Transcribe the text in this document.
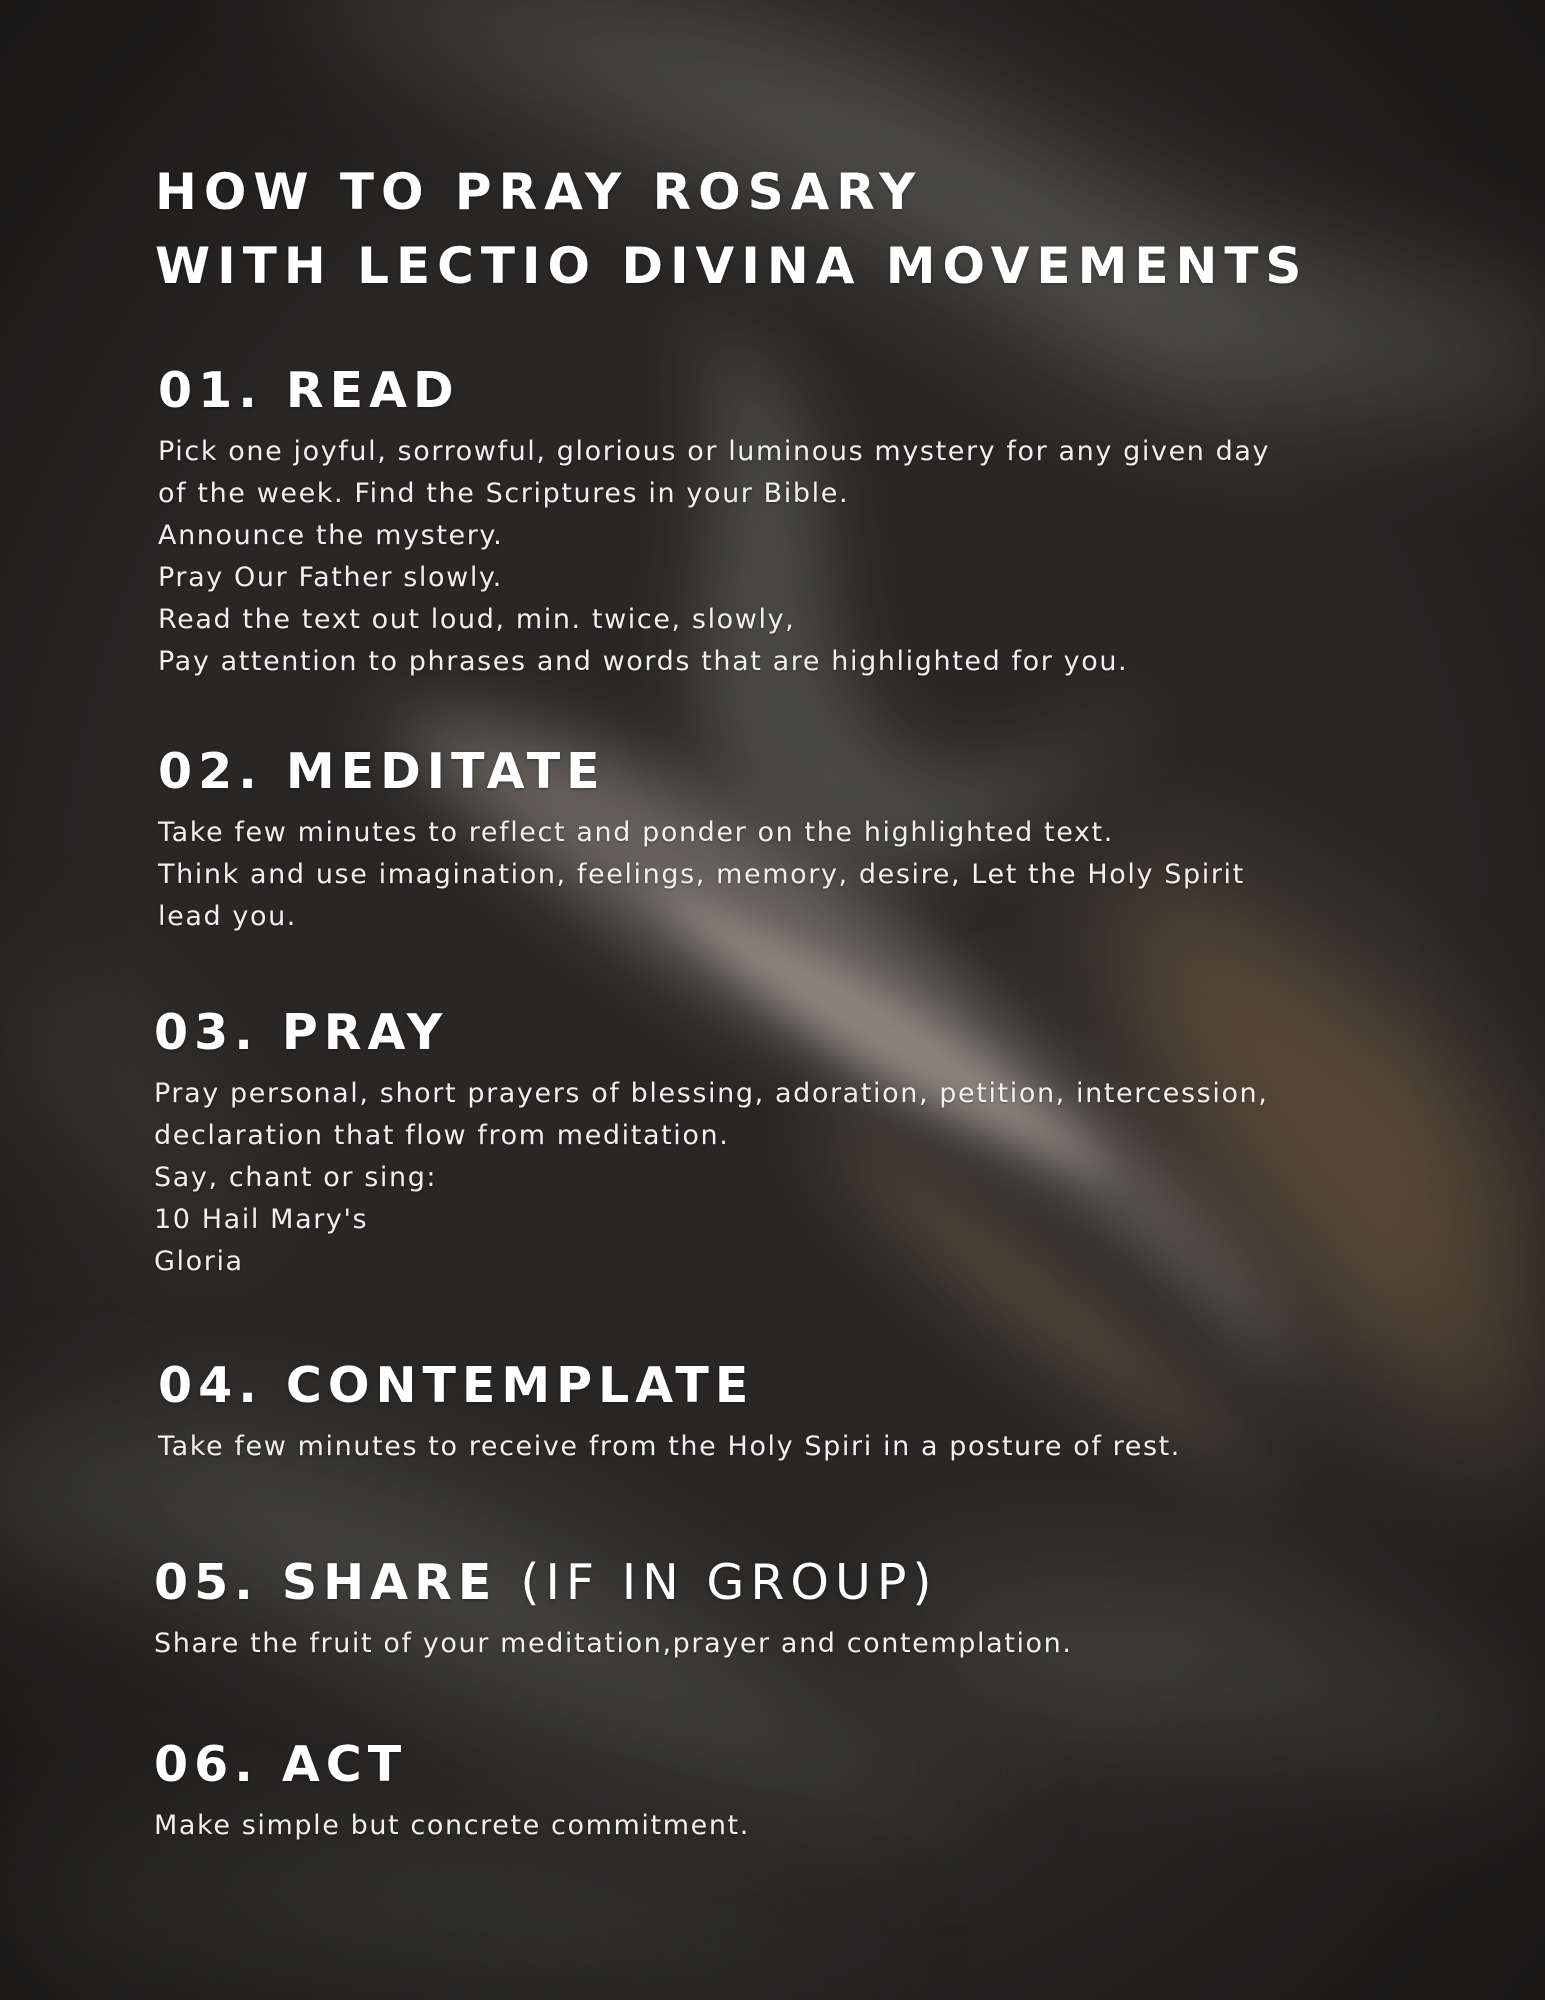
HOW TO PRAY ROSARY
WITH LECTIO DIVINA MOVEMENTS
01. READ

Pick one joyful, sorrowful, glorious or luminous mystery for any given day
of the week. Find the Scriptures in your Bible.
Announce the mystery.
Pray Our Father slowly.
Read the text out loud, min. twice, slowly,
Pay attention to phrases and words that are highlighted for you.

02. MEDITATE

Take few minutes to reflect and ponder on the highlighted text.
Think and use imagination, feelings, memory, desire, Let the Holy Spirit
lead you.

03. PRAY

Pray personal, short prayers of blessing, adoration, petition, intercession,
declaration that flow from meditation.
Say, chant or sing:
10 Hail Mary's
Gloria

04. CONTEMPLATE

Take few minutes to receive from the Holy Spiri in a posture of rest.

05. SHARE (IF IN GROUP)

Share the fruit of your meditation,prayer and contemplation.

06. ACT

Make simple but concrete commitment.
